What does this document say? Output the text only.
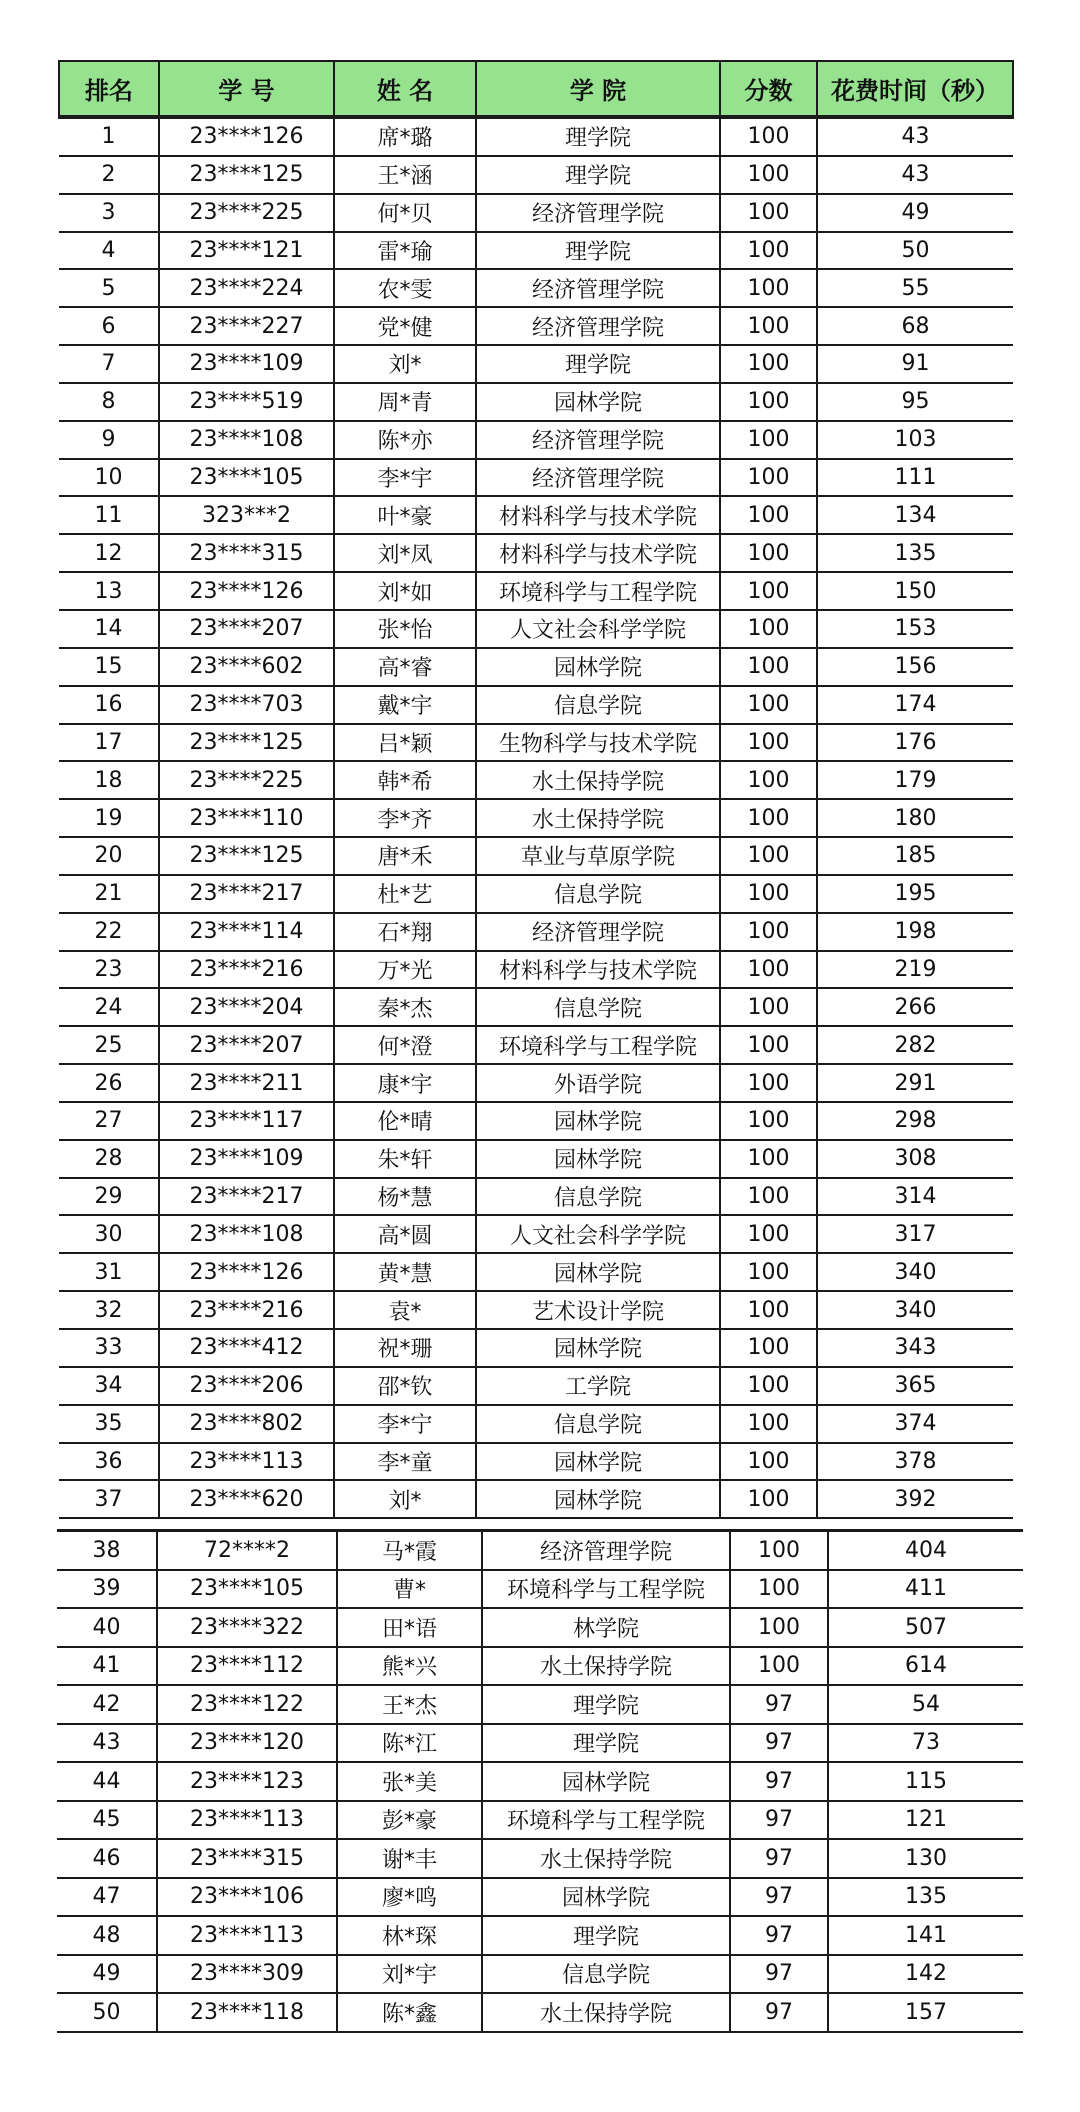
排名	学 号	姓 名	学 院	分数	花费时间（秒）
1	23****126	席*璐	理学院	100	43
2	23****125	王*涵	理学院	100	43
3	23****225	何*贝	经济管理学院	100	49
4	23****121	雷*瑜	理学院	100	50
5	23****224	农*雯	经济管理学院	100	55
6	23****227	党*健	经济管理学院	100	68
7	23****109	刘*	理学院	100	91
8	23****519	周*青	园林学院	100	95
9	23****108	陈*亦	经济管理学院	100	103
10	23****105	李*宇	经济管理学院	100	111
11	323***2	叶*豪	材料科学与技术学院	100	134
12	23****315	刘*凤	材料科学与技术学院	100	135
13	23****126	刘*如	环境科学与工程学院	100	150
14	23****207	张*怡	人文社会科学学院	100	153
15	23****602	高*睿	园林学院	100	156
16	23****703	戴*宇	信息学院	100	174
17	23****125	吕*颖	生物科学与技术学院	100	176
18	23****225	韩*希	水土保持学院	100	179
19	23****110	李*齐	水土保持学院	100	180
20	23****125	唐*禾	草业与草原学院	100	185
21	23****217	杜*艺	信息学院	100	195
22	23****114	石*翔	经济管理学院	100	198
23	23****216	万*光	材料科学与技术学院	100	219
24	23****204	秦*杰	信息学院	100	266
25	23****207	何*澄	环境科学与工程学院	100	282
26	23****211	康*宇	外语学院	100	291
27	23****117	伦*晴	园林学院	100	298
28	23****109	朱*轩	园林学院	100	308
29	23****217	杨*慧	信息学院	100	314
30	23****108	高*圆	人文社会科学学院	100	317
31	23****126	黄*慧	园林学院	100	340
32	23****216	袁*	艺术设计学院	100	340
33	23****412	祝*珊	园林学院	100	343
34	23****206	邵*钦	工学院	100	365
35	23****802	李*宁	信息学院	100	374
36	23****113	李*童	园林学院	100	378
37	23****620	刘*	园林学院	100	392
38	72****2	马*霞	经济管理学院	100	404
39	23****105	曹*	环境科学与工程学院	100	411
40	23****322	田*语	林学院	100	507
41	23****112	熊*兴	水土保持学院	100	614
42	23****122	王*杰	理学院	97	54
43	23****120	陈*江	理学院	97	73
44	23****123	张*美	园林学院	97	115
45	23****113	彭*豪	环境科学与工程学院	97	121
46	23****315	谢*丰	水土保持学院	97	130
47	23****106	廖*鸣	园林学院	97	135
48	23****113	林*琛	理学院	97	141
49	23****309	刘*宇	信息学院	97	142
50	23****118	陈*鑫	水土保持学院	97	157
